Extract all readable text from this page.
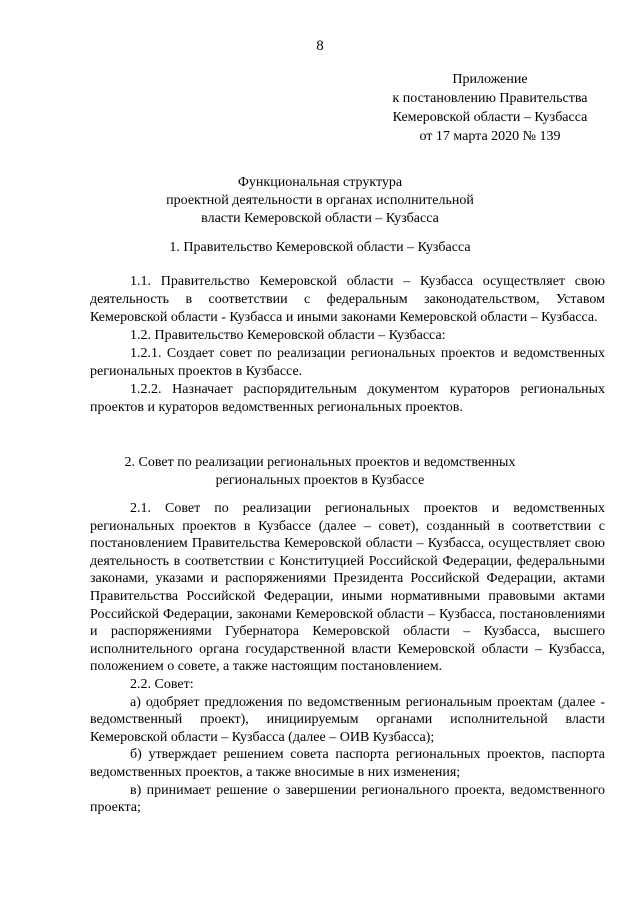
8
Приложение
к постановлению Правительства
Кемеровской области – Кузбасса
от 17 марта 2020 № 139
Функциональная структура
проектной деятельности в органах исполнительной
власти Кемеровской области – Кузбасса
1. Правительство Кемеровской области – Кузбасса

1.1. Правительство Кемеровской области – Кузбасса осуществляет свою деятельность в соответствии с федеральным законодательством, Уставом Кемеровской области - Кузбасса и иными законами Кемеровской области – Кузбасса.

1.2. Правительство Кемеровской области – Кузбасса:

1.2.1. Создает совет по реализации региональных проектов и ведомственных региональных проектов в Кузбассе.

1.2.2. Назначает распорядительным документом кураторов региональных проектов и кураторов ведомственных региональных проектов.

2. Совет по реализации региональных проектов и ведомственных
региональных проектов в Кузбассе

2.1. Совет по реализации региональных проектов и ведомственных региональных проектов в Кузбассе (далее – совет), созданный в соответствии с постановлением Правительства Кемеровской области – Кузбасса, осуществляет свою деятельность в соответствии с Конституцией Российской Федерации, федеральными законами, указами и распоряжениями Президента Российской Федерации, актами Правительства Российской Федерации, иными нормативными правовыми актами Российской Федерации, законами Кемеровской области – Кузбасса, постановлениями и распоряжениями Губернатора Кемеровской области – Кузбасса, высшего исполнительного органа государственной власти Кемеровской области – Кузбасса, положением о совете, а также настоящим постановлением.

2.2. Совет:

а) одобряет предложения по ведомственным региональным проектам (далее - ведомственный проект), инициируемым органами исполнительной власти Кемеровской области – Кузбасса (далее – ОИВ Кузбасса);

б) утверждает решением совета паспорта региональных проектов, паспорта ведомственных проектов, а также вносимые в них изменения;

в) принимает решение о завершении регионального проекта, ведомственного проекта;
